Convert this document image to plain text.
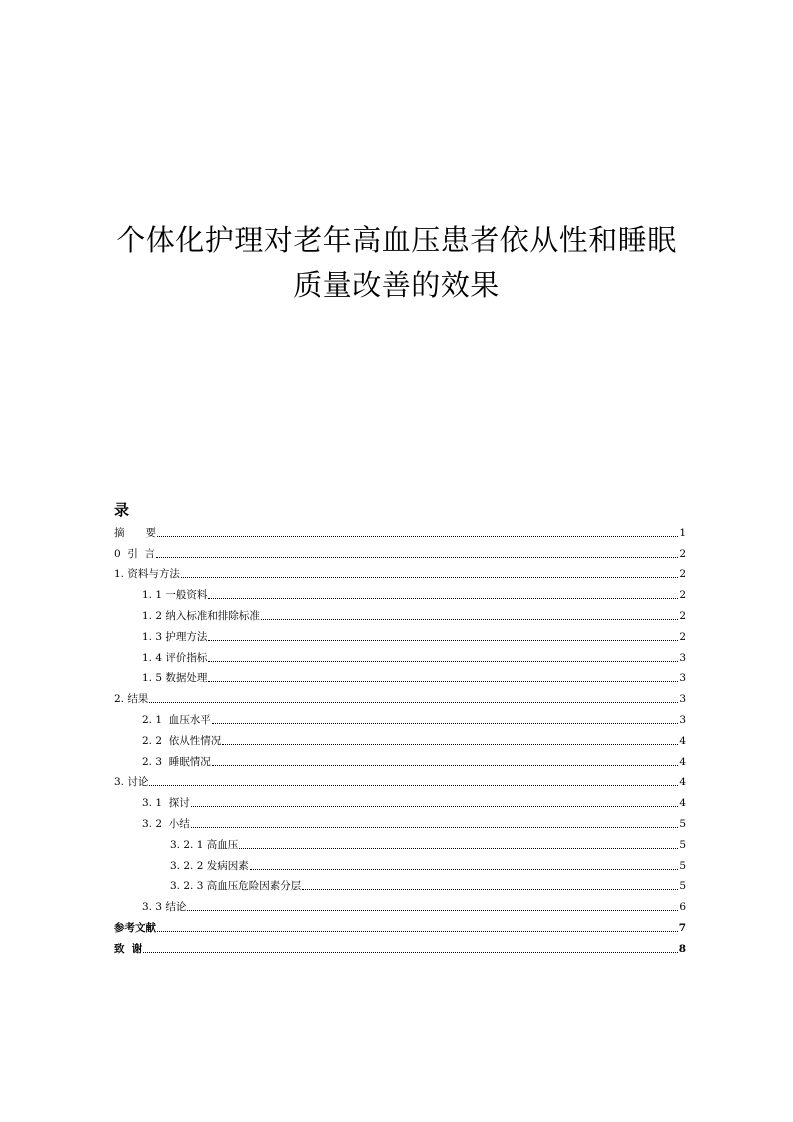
个体化护理对老年高血压患者依从性和睡眠
质量改善的效果
录
摘　　要	1
0  引  言	2
1. 资料与方法	2
1. 1 一般资料	2
1. 2 纳入标准和排除标准	2
1. 3 护理方法	2
1. 4 评价指标	3
1. 5 数据处理	3
2. 结果	3
2. 1  血压水平	3
2. 2  依从性情况	4
2. 3  睡眠情况	4
3. 讨论	4
3. 1  探讨	4
3. 2  小结	5
3. 2. 1 高血压	5
3. 2. 2 发病因素	5
3. 2. 3 高血压危险因素分层	5
3. 3 结论	6
参考文献	7
致  谢	8
